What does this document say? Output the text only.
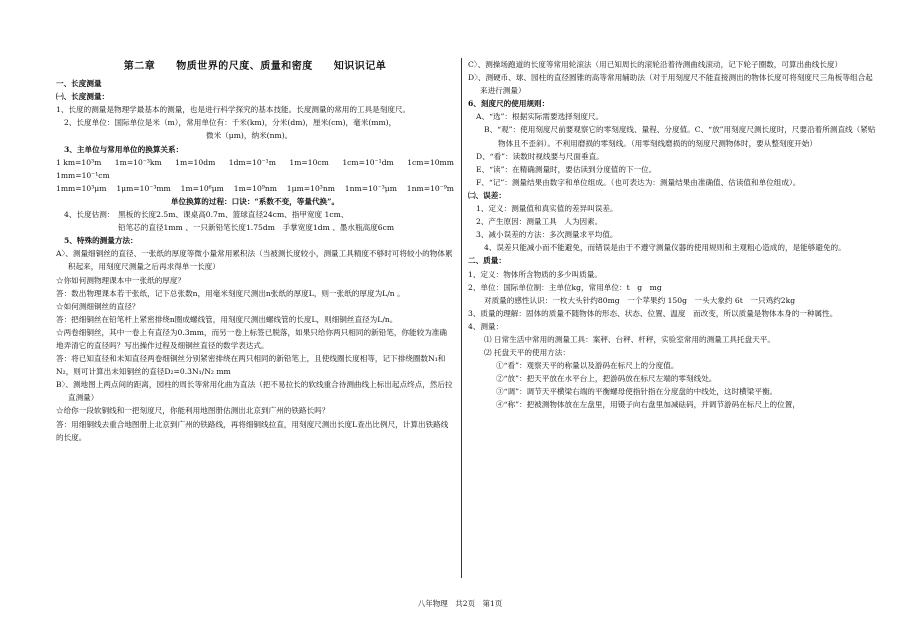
第二章　　物质世界的尺度、质量和密度　　知识识记单
一、长度测量
㈠、长度测量：
1、长度的测量是物理学最基本的测量，也是进行科学探究的基本技能。长度测量的常用的工具是刻度尺。
2、长度单位：国际单位是米（m），常用单位有：千米(km)，分米(dm)，厘米(cm)，毫米(mm)，
微米（μm)，纳米(nm)。
3、主单位与常用单位的换算关系：
1 km=10³m 1m=10⁻³km 1m=10dm 1dm=10⁻¹m 1m=10cm 1cm=10⁻¹dm 1cm=10mm
1mm=10⁻¹cm
1mm=10³μm 1μm=10⁻³mm 1m=10⁶μm 1m=10⁹nm 1μm=10³nm 1nm=10⁻³μm 1nm=10⁻⁹m
单位换算的过程：口诀：“系数不变，等量代换”。
4、长度估测：　黑板的长度2.5m、课桌高0.7m、篮球直径24cm、指甲宽度 1cm、
铅笔芯的直径1mm 、一只新铅笔长度1.75dm　手掌宽度1dm 、墨水瓶高度6cm
5、特殊的测量方法：
A〉、测量细铜丝的直径、一张纸的厚度等微小量常用累积法（当被测长度较小，测量工具精度不够时可将较小的物体累积起来，用刻度尺测量之后再求得单一长度）
☆你如何测物理课本中一张纸的厚度？
答：数出物理课本若干张纸，记下总张数n，用毫米刻度尺测出n张纸的厚度L，则一张纸的厚度为L/n 。
☆如何测细铜丝的直径？
答：把细铜丝在铅笔杆上紧密排绕n圈成螺线管，用刻度尺测出螺线管的长度L，则细铜丝直径为L/n。
☆两卷细铜丝，其中一卷上有直径为0.3mm，而另一卷上标签已脱落，如果只给你两只相同的新铅笔，你能较为准确地弄清它的直径吗？写出操作过程及细铜丝直径的数学表达式。
答：将已知直径和未知直径两卷细铜丝分别紧密排绕在两只相同的新铅笔上，且使线圈长度相等，记下排绕圈数N₁和N₂，则可计算出未知铜丝的直径D₂=0.3N₁/N₂ mm
B〉、测地图上两点间的距离，园柱的周长等常用化曲为直法（把不易拉长的软线重合待测曲线上标出起点终点，然后拉直测量）
☆给你一段软铜线和一把刻度尺，你能利用地图册估测出北京到广州的铁路长吗？
答：用细铜线去重合地图册上北京到广州的铁路线，再将细铜线拉直，用刻度尺测出长度L查出比例尺，计算出铁路线的长度。
C〉、测操场跑道的长度等常用轮滚法（用已知周长的滚轮沿着待测曲线滚动，记下轮子圈数，可算出曲线长度）
D〉、测硬币、球、园柱的直径圆锥的高等常用辅助法（对于用刻度尺不能直接测出的物体长度可将刻度尺三角板等组合起来进行测量）
6、刻度尺的使用规则：
A、“选”：根据实际需要选择刻度尺。
B、“观”：使用刻度尺前要观察它的零刻度线、量程、分度值。C、“放”用刻度尺测长度时，尺要沿着所测直线（紧贴物体且不歪斜）。不利用磨损的零刻线。（用零刻线磨损的的刻度尺测物体时，要从整刻度开始）
D、“看”：读数时视线要与尺面垂直。
E、“读”：在精确测量时，要估读到分度值的下一位。
F、“记”：测量结果由数字和单位组成。（也可表达为：测量结果由准确值、估读值和单位组成）。
㈡、误差：
1、定义：测量值和真实值的差异叫误差。
2、产生原因：测量工具　人为因素。
3、减小误差的方法：多次测量求平均值。
4、误差只能减小而不能避免，而错误是由于不遵守测量仪器的使用规则和主观粗心造成的，是能够避免的。
二、质量：
1、定义：物体所含物质的多少叫质量。
2、单位：国际单位制：主单位kg，常用单位：t　g　mg
对质量的感性认识：一枚大头针约80mg　一个苹果约 150g　一头大象约 6t　一只鸡约2kg
3、质量的理解：固体的质量不随物体的形态、状态、位置、温度　而改变，所以质量是物体本身的一种属性。
4、测量：
⑴ 日常生活中常用的测量工具：案秤、台秤、杆秤，实验室常用的测量工具托盘天平。
⑵ 托盘天平的使用方法：
①“看”：观察天平的称量以及游码在标尺上的分度值。
②“放”：把天平放在水平台上，把游码放在标尺左端的零刻线处。
③“调”：调节天平横梁右端的平衡螺母使指针指在分度盘的中线处，这时横梁平衡。
④“称”：把被测物体放在左盘里，用镊子向右盘里加减砝码，并调节游码在标尺上的位置，
八年物理　共2页　第1页
